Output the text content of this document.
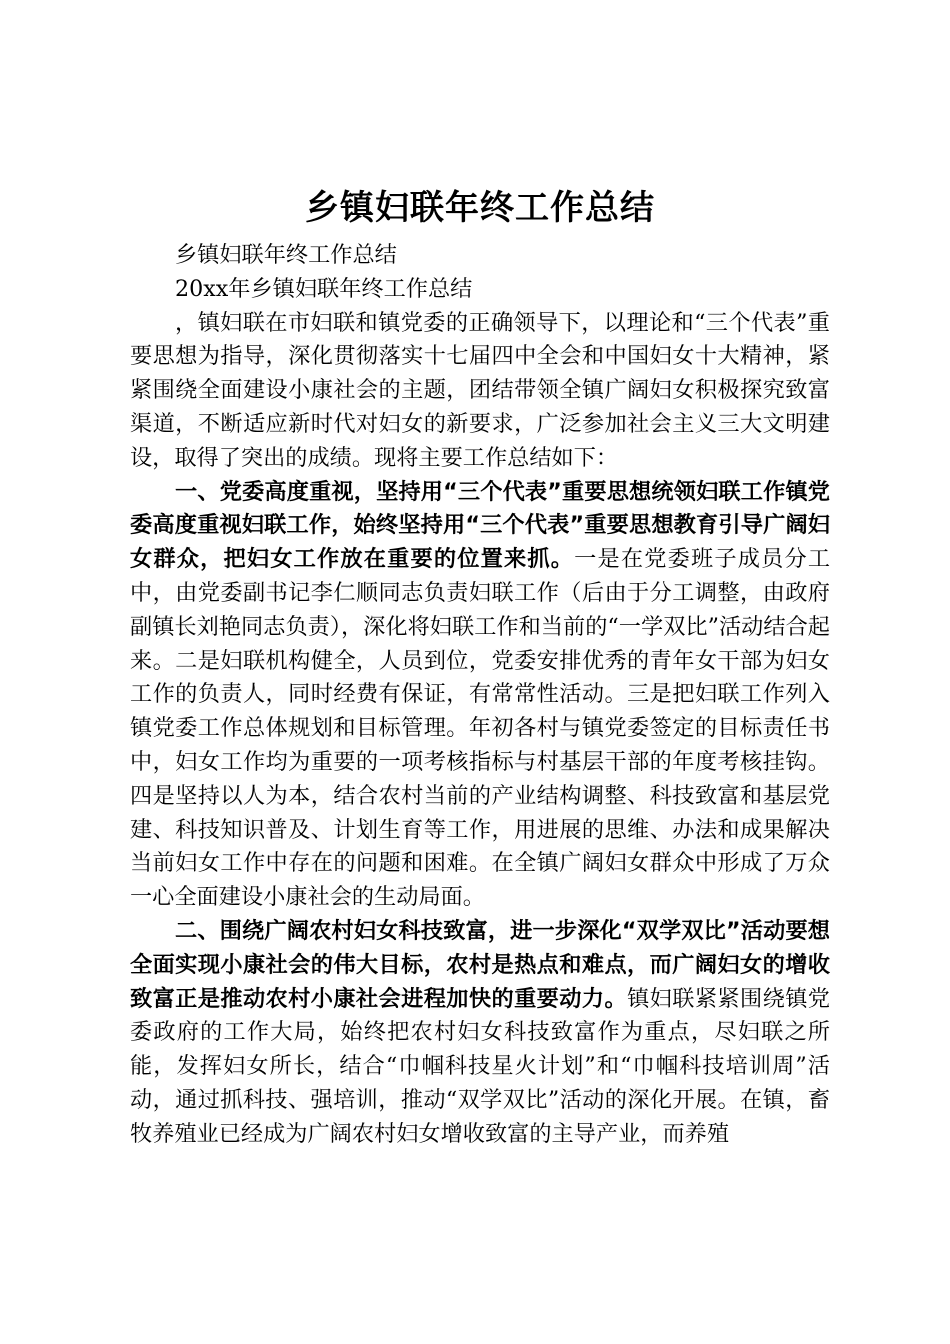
乡镇妇联年终工作总结

乡镇妇联年终工作总结

20xx年乡镇妇联年终工作总结

，镇妇联在市妇联和镇党委的正确领导下，以理论和“三个代表”重要思想为指导，深化贯彻落实十七届四中全会和中国妇女十大精神，紧紧围绕全面建设小康社会的主题，团结带领全镇广阔妇女积极探究致富渠道，不断适应新时代对妇女的新要求，广泛参加社会主义三大文明建设，取得了突出的成绩。现将主要工作总结如下：

一、党委高度重视，坚持用“三个代表”重要思想统领妇联工作镇党委高度重视妇联工作，始终坚持用“三个代表”重要思想教育引导广阔妇女群众，把妇女工作放在重要的位置来抓。一是在党委班子成员分工中，由党委副书记李仁顺同志负责妇联工作（后由于分工调整，由政府副镇长刘艳同志负责），深化将妇联工作和当前的“一学双比”活动结合起来。二是妇联机构健全，人员到位，党委安排优秀的青年女干部为妇女工作的负责人，同时经费有保证，有常常性活动。三是把妇联工作列入镇党委工作总体规划和目标管理。年初各村与镇党委签定的目标责任书中，妇女工作均为重要的一项考核指标与村基层干部的年度考核挂钩。四是坚持以人为本，结合农村当前的产业结构调整、科技致富和基层党建、科技知识普及、计划生育等工作，用进展的思维、办法和成果解决当前妇女工作中存在的问题和困难。在全镇广阔妇女群众中形成了万众一心全面建设小康社会的生动局面。

二、围绕广阔农村妇女科技致富，进一步深化“双学双比”活动要想全面实现小康社会的伟大目标，农村是热点和难点，而广阔妇女的增收致富正是推动农村小康社会进程加快的重要动力。镇妇联紧紧围绕镇党委政府的工作大局，始终把农村妇女科技致富作为重点，尽妇联之所能，发挥妇女所长，结合“巾帼科技星火计划”和“巾帼科技培训周”活动，通过抓科技、强培训，推动“双学双比”活动的深化开展。在镇，畜牧养殖业已经成为广阔农村妇女增收致富的主导产业，而养殖
